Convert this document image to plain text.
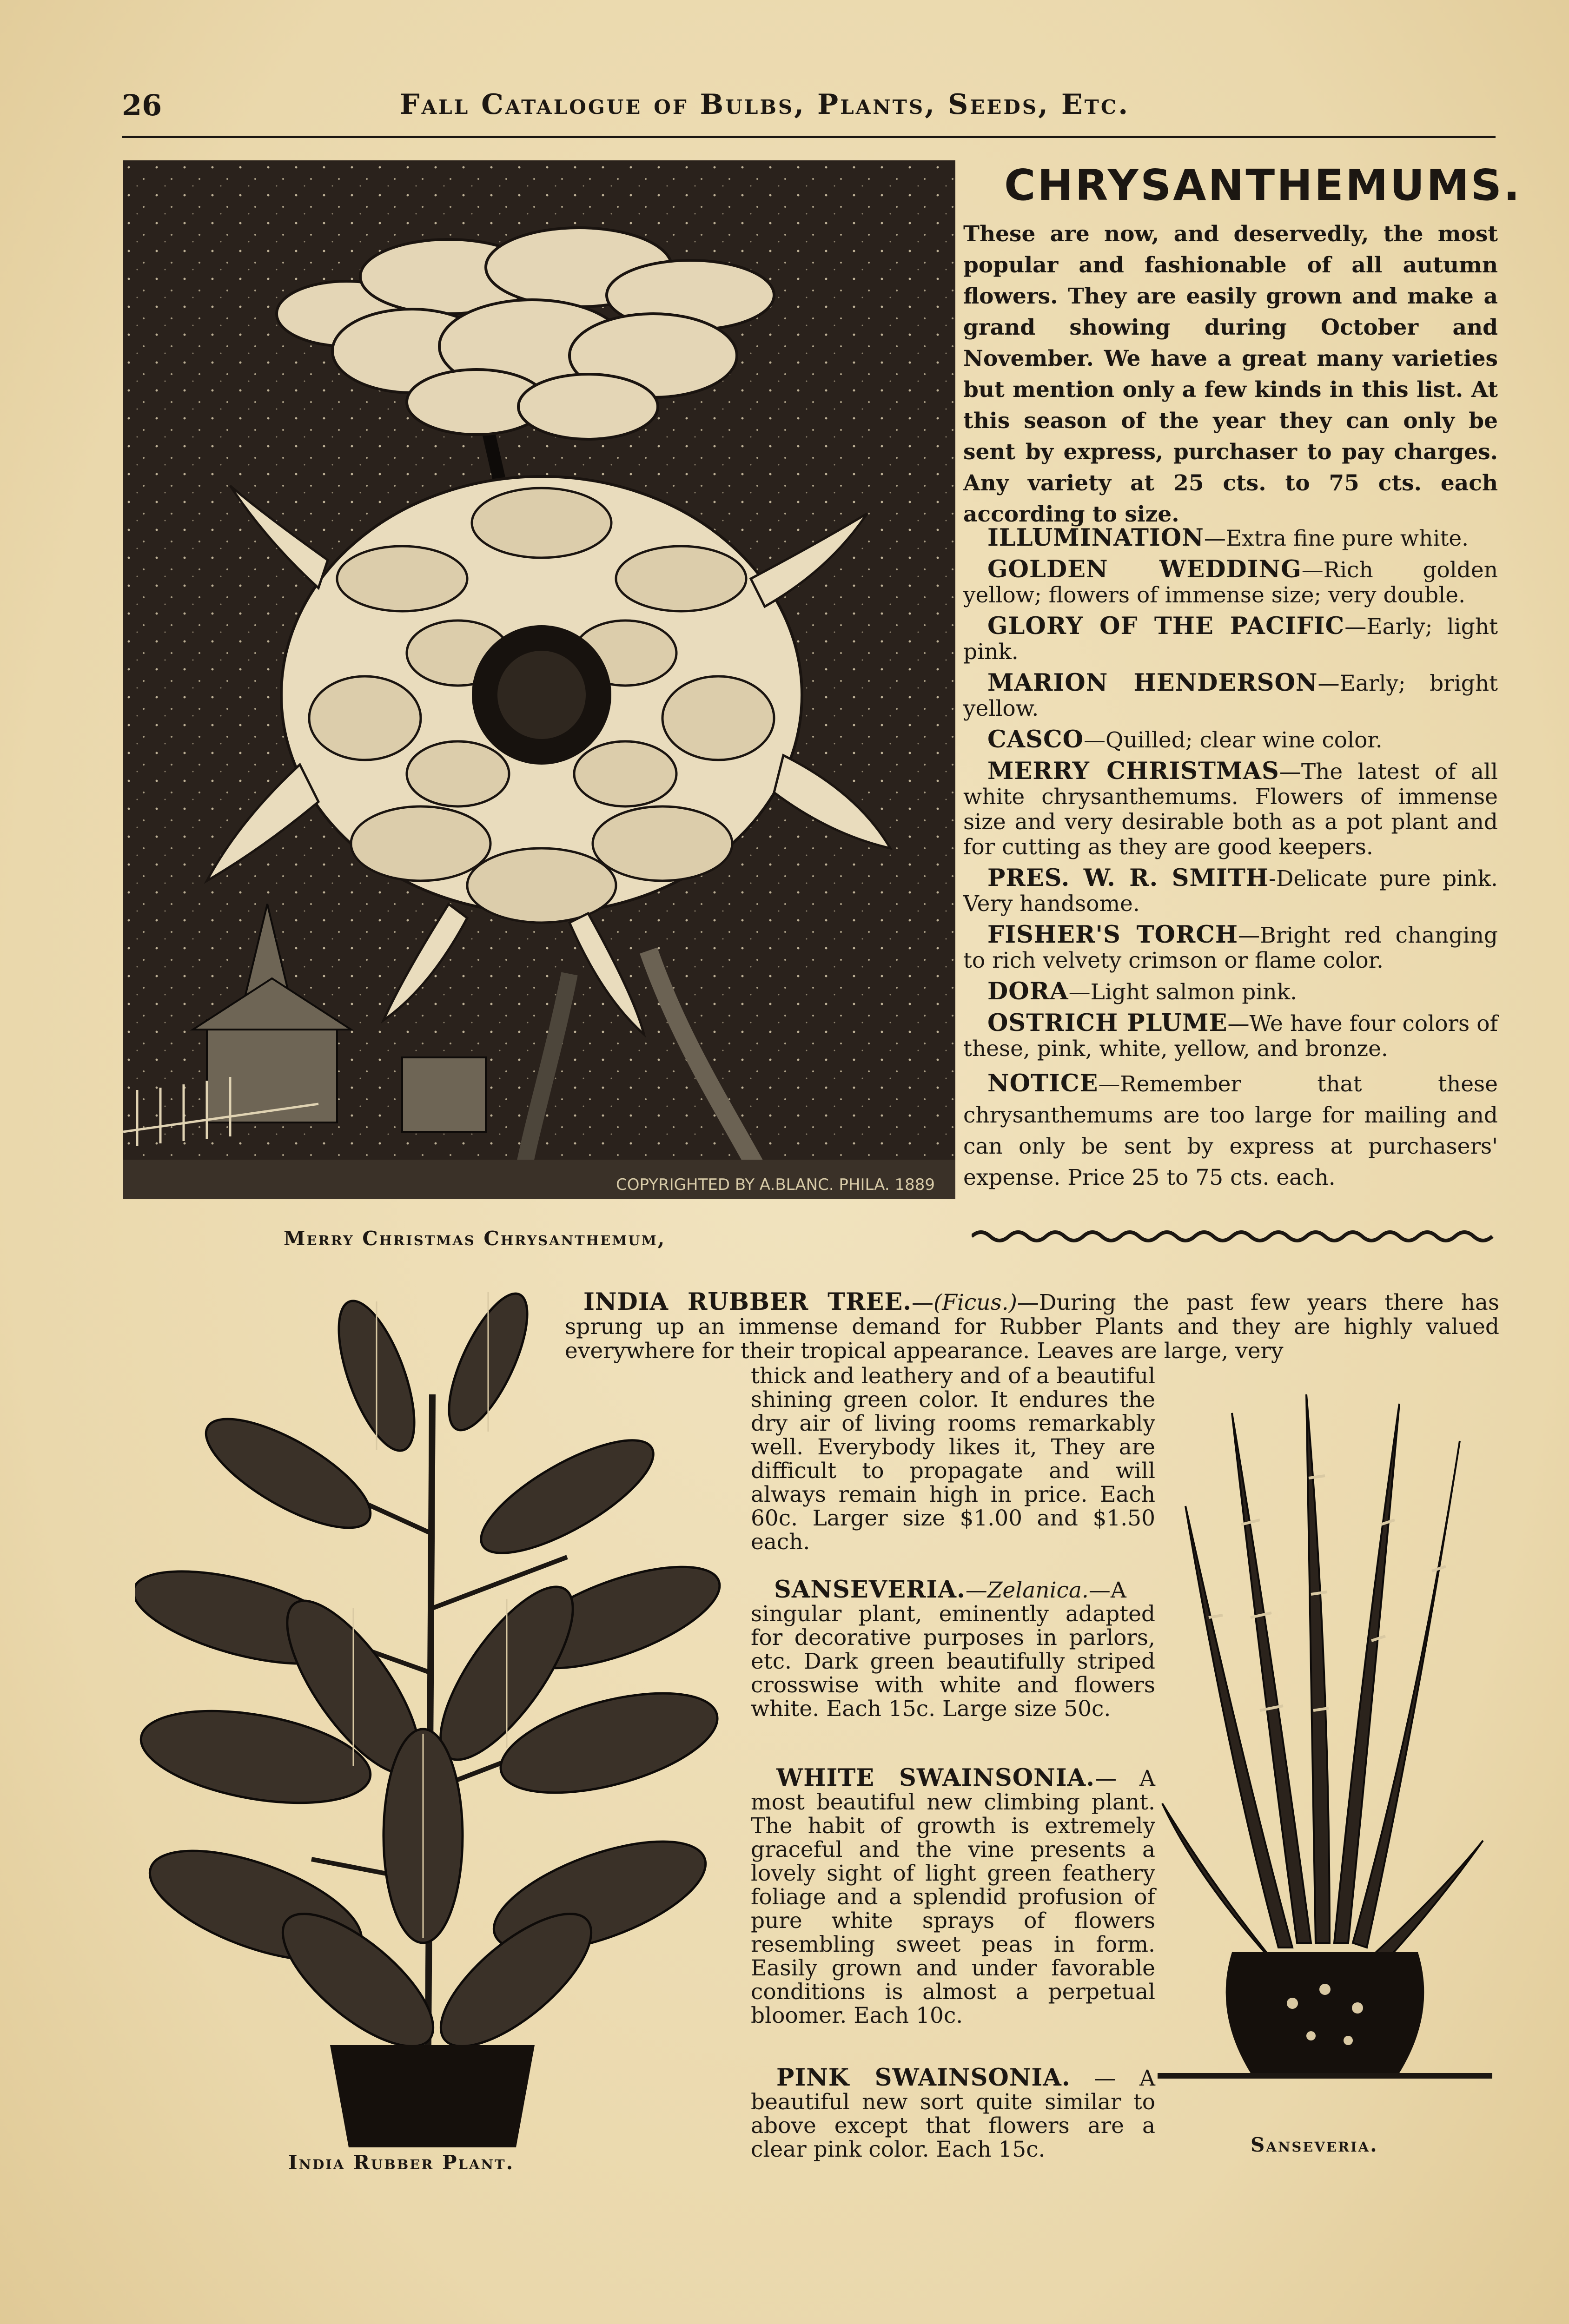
26	Fall Catalogue of Bulbs, Plants, Seeds, Etc.
COPYRIGHTED BY A.BLANC. PHILA. 1889
Merry Christmas Chrysanthemum,
CHRYSANTHEMUMS.
These are now, and deservedly, the most popular and fashionable of all autumn flowers. They are easily grown and make a grand showing during October and November. We have a great many varieties but mention only a few kinds in this list. At this season of the year they can only be sent by express, purchaser to pay charges. Any variety at 25 cts. to 75 cts. each according to size.

ILLUMINATION—Extra fine pure white.

GOLDEN WEDDING—Rich golden yellow; flowers of immense size; very double.

GLORY OF THE PACIFIC—Early; light pink.

MARION HENDERSON—Early; bright yellow.

CASCO—Quilled; clear wine color.

MERRY CHRISTMAS—The latest of all white chrysanthemums. Flowers of immense size and very desirable both as a pot plant and for cutting as they are good keepers.

PRES. W. R. SMITH-Delicate pure pink. Very handsome.

FISHER'S TORCH—Bright red changing to rich velvety crimson or flame color.

DORA—Light salmon pink.

OSTRICH PLUME—We have four colors of these, pink, white, yellow, and bronze.

NOTICE—Remember that these chrysanthemums are too large for mailing and can only be sent by express at purchasers' expense. Price 25 to 75 cts. each.

India Rubber Plant.
Sanseveria.
INDIA RUBBER TREE.—(Ficus.)—During the past few years there has sprung up an immense demand for Rubber Plants and they are highly valued everywhere for their tropical appearance. Leaves are large, very
thick and leathery and of a beautiful shining green color. It endures the dry air of living rooms remarkably well. Everybody likes it, They are difficult to propagate and will always remain high in price. Each 60c. Larger size $1.00 and $1.50 each.
SANSEVERIA.—Zelanica.—A singular plant, eminently adapted for decorative purposes in parlors, etc. Dark green beautifully striped crosswise with white and flowers white. Each 15c. Large size 50c.
WHITE SWAINSONIA.— A most beautiful new climbing plant. The habit of growth is extremely graceful and the vine presents a lovely sight of light green feathery foliage and a splendid profusion of pure white sprays of flowers resembling sweet peas in form. Easily grown and under favorable conditions is almost a perpetual bloomer. Each 10c.
PINK SWAINSONIA. — A beautiful new sort quite similar to above except that flowers are a clear pink color. Each 15c.
